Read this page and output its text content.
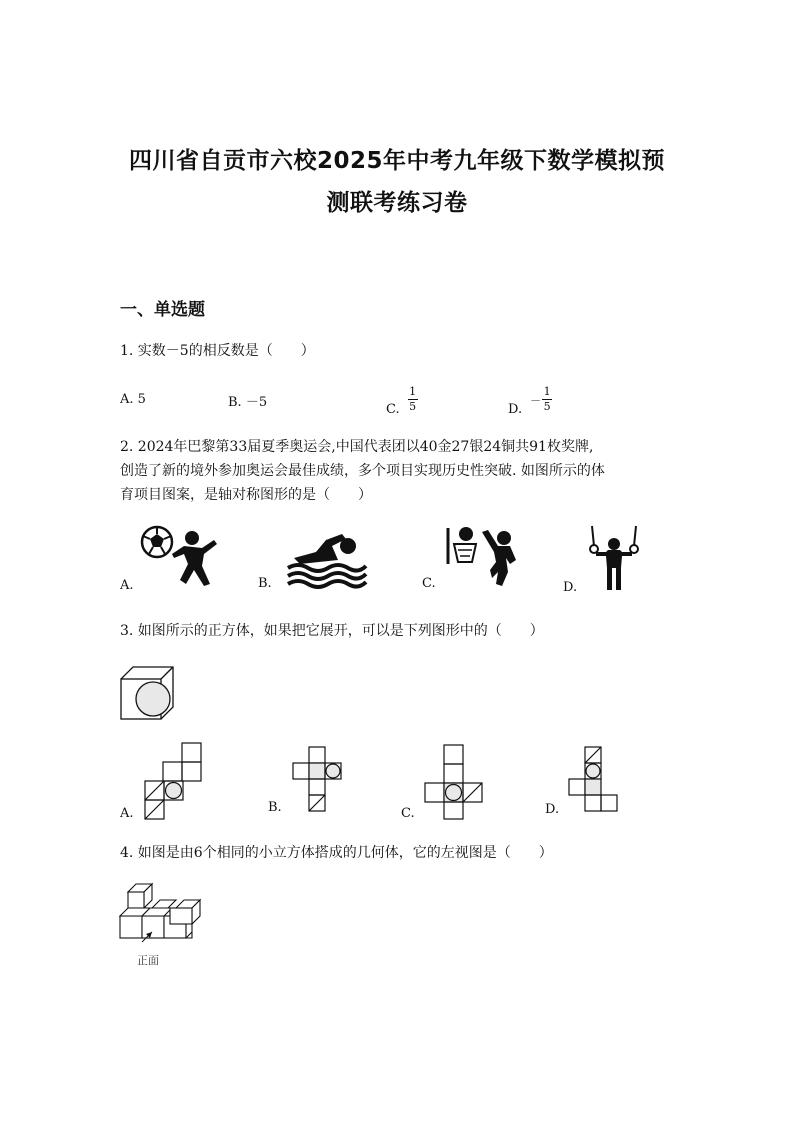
四川省自贡市六校2025年中考九年级下数学模拟预
测联考练习卷
一、单选题
1. 实数－5的相反数是（　　）
A. 5	B. －5	C. $\frac{1}{5}$	D.
－ $\frac{1}{5}$
2. 2024年巴黎第33届夏季奥运会,中国代表团以40金27银24铜共91枚奖牌,
创造了新的境外参加奥运会最佳成绩，多个项目实现历史性突破. 如图所示的体
育项目图案，是轴对称图形的是（　　）
A.	B.	C.	D.
3. 如图所示的正方体，如果把它展开，可以是下列图形中的（　　）
A.	B.	C.	D.
4. 如图是由6个相同的小立方体搭成的几何体，它的左视图是（　　）
正面
